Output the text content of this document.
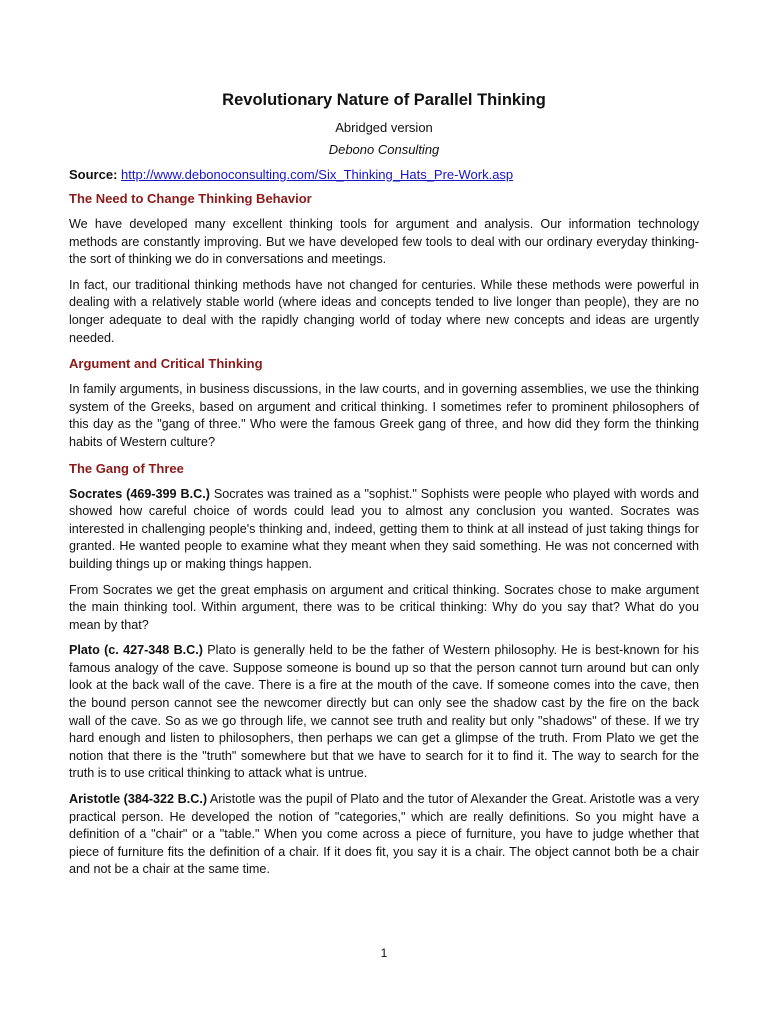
Revolutionary Nature of Parallel Thinking
Abridged version
Debono Consulting
Source: http://www.debonoconsulting.com/Six_Thinking_Hats_Pre-Work.asp
The Need to Change Thinking Behavior

We have developed many excellent thinking tools for argument and analysis. Our information technology methods are constantly improving. But we have developed few tools to deal with our ordinary everyday thinking-the sort of thinking we do in conversations and meetings.

In fact, our traditional thinking methods have not changed for centuries. While these methods were powerful in dealing with a relatively stable world (where ideas and concepts tended to live longer than people), they are no longer adequate to deal with the rapidly changing world of today where new concepts and ideas are urgently needed.

Argument and Critical Thinking

In family arguments, in business discussions, in the law courts, and in governing assemblies, we use the thinking system of the Greeks, based on argument and critical thinking. I sometimes refer to prominent philosophers of this day as the "gang of three." Who were the famous Greek gang of three, and how did they form the thinking habits of Western culture?

The Gang of Three

Socrates (469-399 B.C.) Socrates was trained as a "sophist." Sophists were people who played with words and showed how careful choice of words could lead you to almost any conclusion you wanted. Socrates was interested in challenging people's thinking and, indeed, getting them to think at all instead of just taking things for granted. He wanted people to examine what they meant when they said something. He was not concerned with building things up or making things happen.

From Socrates we get the great emphasis on argument and critical thinking. Socrates chose to make argument the main thinking tool. Within argument, there was to be critical thinking: Why do you say that? What do you mean by that?

Plato (c. 427-348 B.C.) Plato is generally held to be the father of Western philosophy. He is best-known for his famous analogy of the cave. Suppose someone is bound up so that the person cannot turn around but can only look at the back wall of the cave. There is a fire at the mouth of the cave. If someone comes into the cave, then the bound person cannot see the newcomer directly but can only see the shadow cast by the fire on the back wall of the cave. So as we go through life, we cannot see truth and reality but only "shadows" of these. If we try hard enough and listen to philosophers, then perhaps we can get a glimpse of the truth. From Plato we get the notion that there is the "truth" somewhere but that we have to search for it to find it. The way to search for the truth is to use critical thinking to attack what is untrue.

Aristotle (384-322 B.C.) Aristotle was the pupil of Plato and the tutor of Alexander the Great. Aristotle was a very practical person. He developed the notion of "categories," which are really definitions. So you might have a definition of a "chair" or a "table." When you come across a piece of furniture, you have to judge whether that piece of furniture fits the definition of a chair. If it does fit, you say it is a chair. The object cannot both be a chair and not be a chair at the same time.

1
